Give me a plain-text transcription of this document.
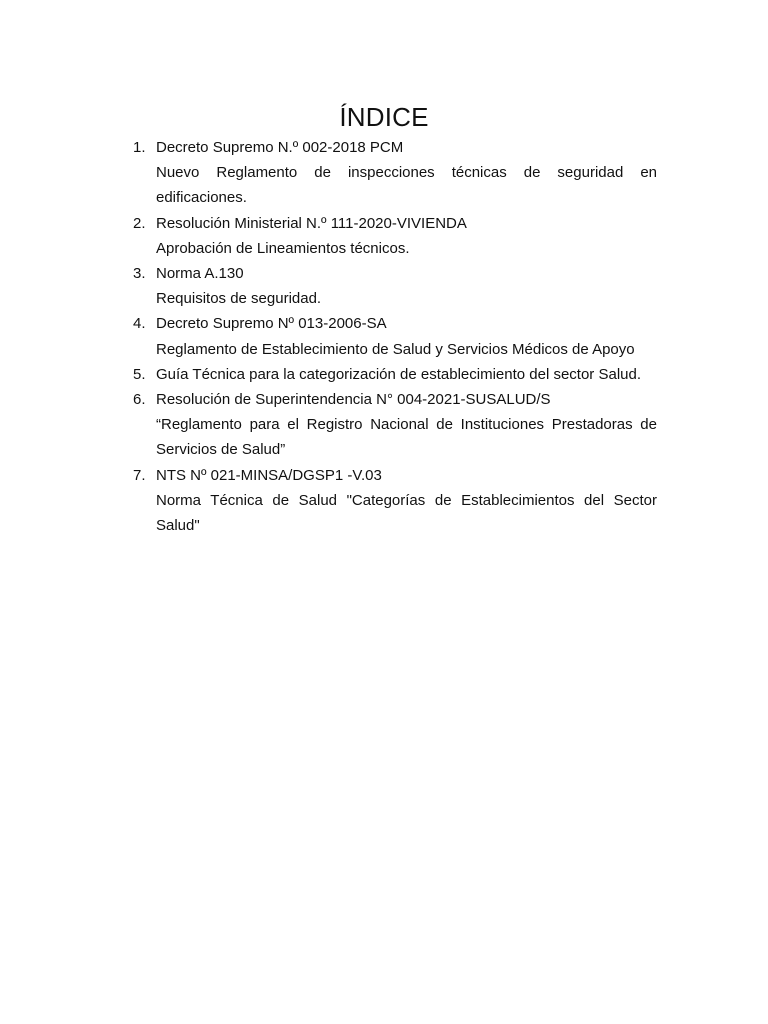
ÍNDICE
1. Decreto Supremo N.º 002-2018 PCM
Nuevo Reglamento de inspecciones técnicas de seguridad en edificaciones.
2. Resolución Ministerial N.º 111-2020-VIVIENDA
Aprobación de Lineamientos técnicos.
3. Norma A.130
Requisitos de seguridad.
4. Decreto Supremo Nº 013-2006-SA
Reglamento de Establecimiento de Salud y Servicios Médicos de Apoyo
5. Guía Técnica para la categorización de establecimiento del sector Salud.
6. Resolución de Superintendencia N° 004-2021-SUSALUD/S
“Reglamento para el Registro Nacional de Instituciones Prestadoras de Servicios de Salud”
7. NTS Nº 021-MINSA/DGSP1 -V.03
Norma Técnica de Salud "Categorías de Establecimientos del Sector Salud"
